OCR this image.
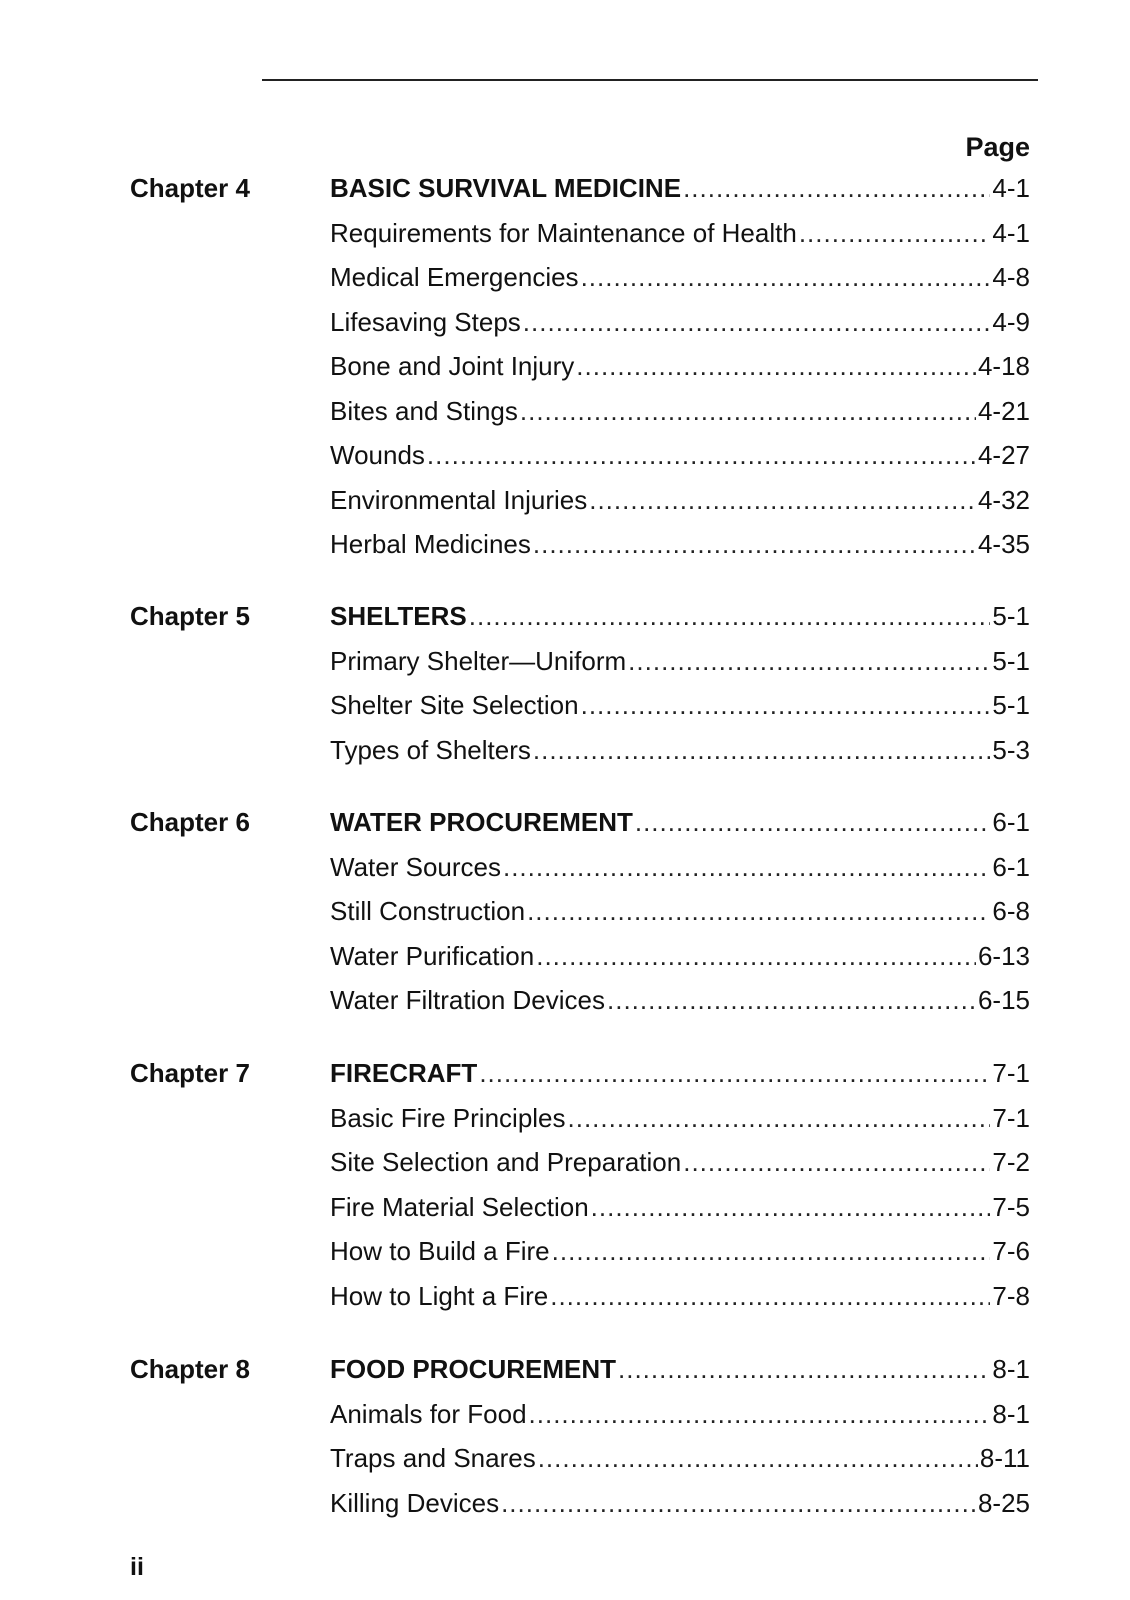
Page
Chapter 4	BASIC SURVIVAL MEDICINE .....	4-1
Requirements for Maintenance of Health .....	4-1
Medical Emergencies .....	4-8
Lifesaving Steps .....	4-9
Bone and Joint Injury .....	4-18
Bites and Stings .....	4-21
Wounds .....	4-27
Environmental Injuries .....	4-32
Herbal Medicines .....	4-35
Chapter 5	SHELTERS .....	5-1
Primary Shelter—Uniform .....	5-1
Shelter Site Selection .....	5-1
Types of Shelters .....	5-3
Chapter 6	WATER PROCUREMENT .....	6-1
Water Sources .....	6-1
Still Construction .....	6-8
Water Purification .....	6-13
Water Filtration Devices .....	6-15
Chapter 7	FIRECRAFT .....	7-1
Basic Fire Principles .....	7-1
Site Selection and Preparation .....	7-2
Fire Material Selection .....	7-5
How to Build a Fire .....	7-6
How to Light a Fire .....	7-8
Chapter 8	FOOD PROCUREMENT .....	8-1
Animals for Food .....	8-1
Traps and Snares .....	8-11
Killing Devices .....	8-25
ii
